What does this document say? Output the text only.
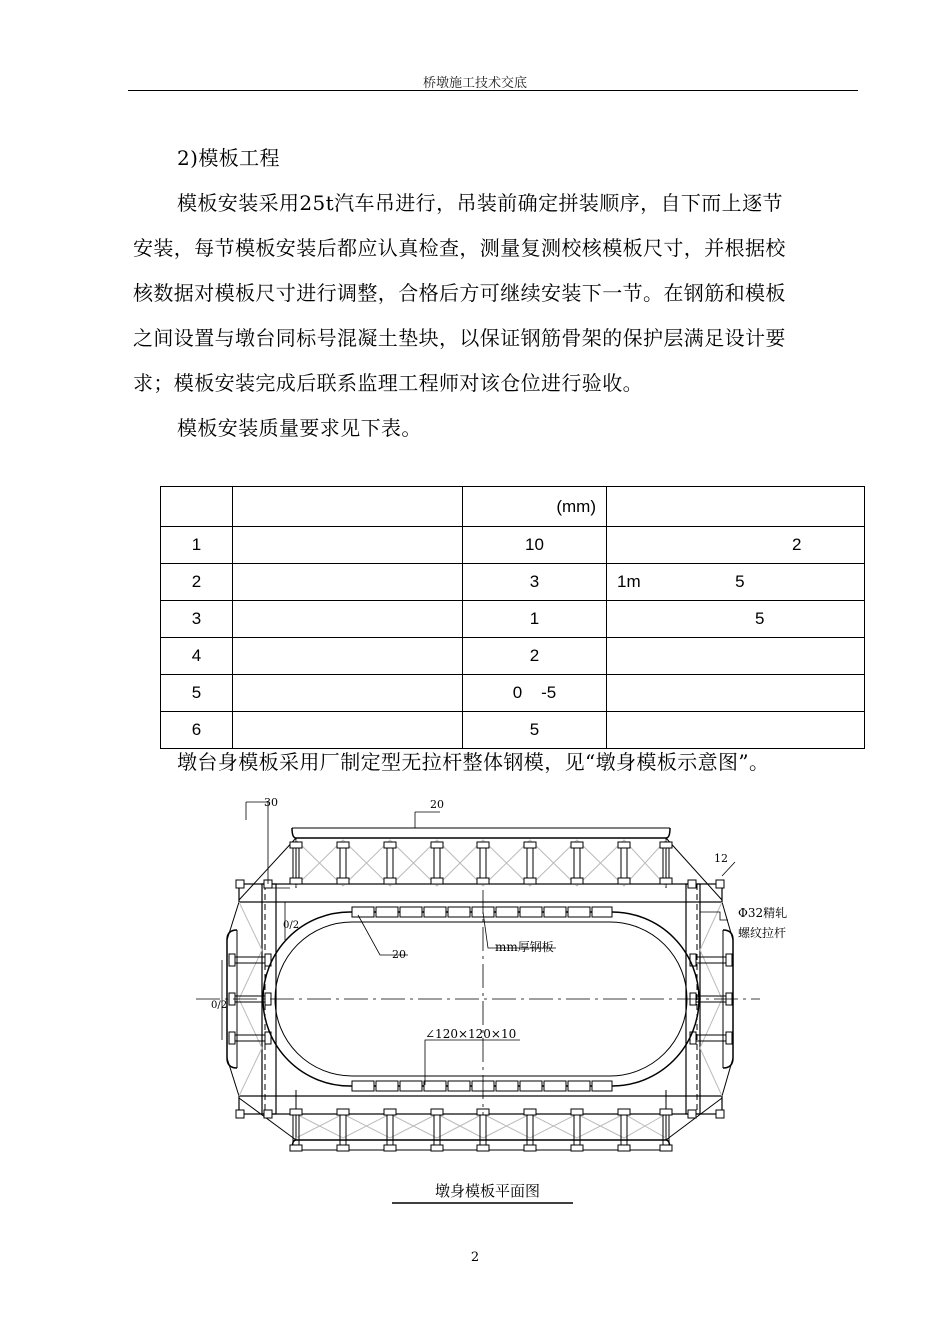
桥墩施工技术交底
2)模板工程
模板安装采用25t汽车吊进行，吊装前确定拼装顺序，自下而上逐节
安装，每节模板安装后都应认真检查，测量复测校核模板尺寸，并根据校
核数据对模板尺寸进行调整，合格后方可继续安装下一节。在钢筋和模板
之间设置与墩台同标号混凝土垫块，以保证钢筋骨架的保护层满足设计要
求；模板安装完成后联系监理工程师对该仓位进行验收。
模板安装质量要求见下表。
		(mm)	
1		10	2
2		3	1m                    5
3		1	5
4		2	
5		0    -5	
6		5	
墩台身模板采用厂制定型无拉杆整体钢模，见“墩身模板示意图”。
30	20
12
0/2
0/2
Φ32精轧
螺纹拉杆
mm厚钢板
20
∠120×120×10
墩身模板平面图
2
